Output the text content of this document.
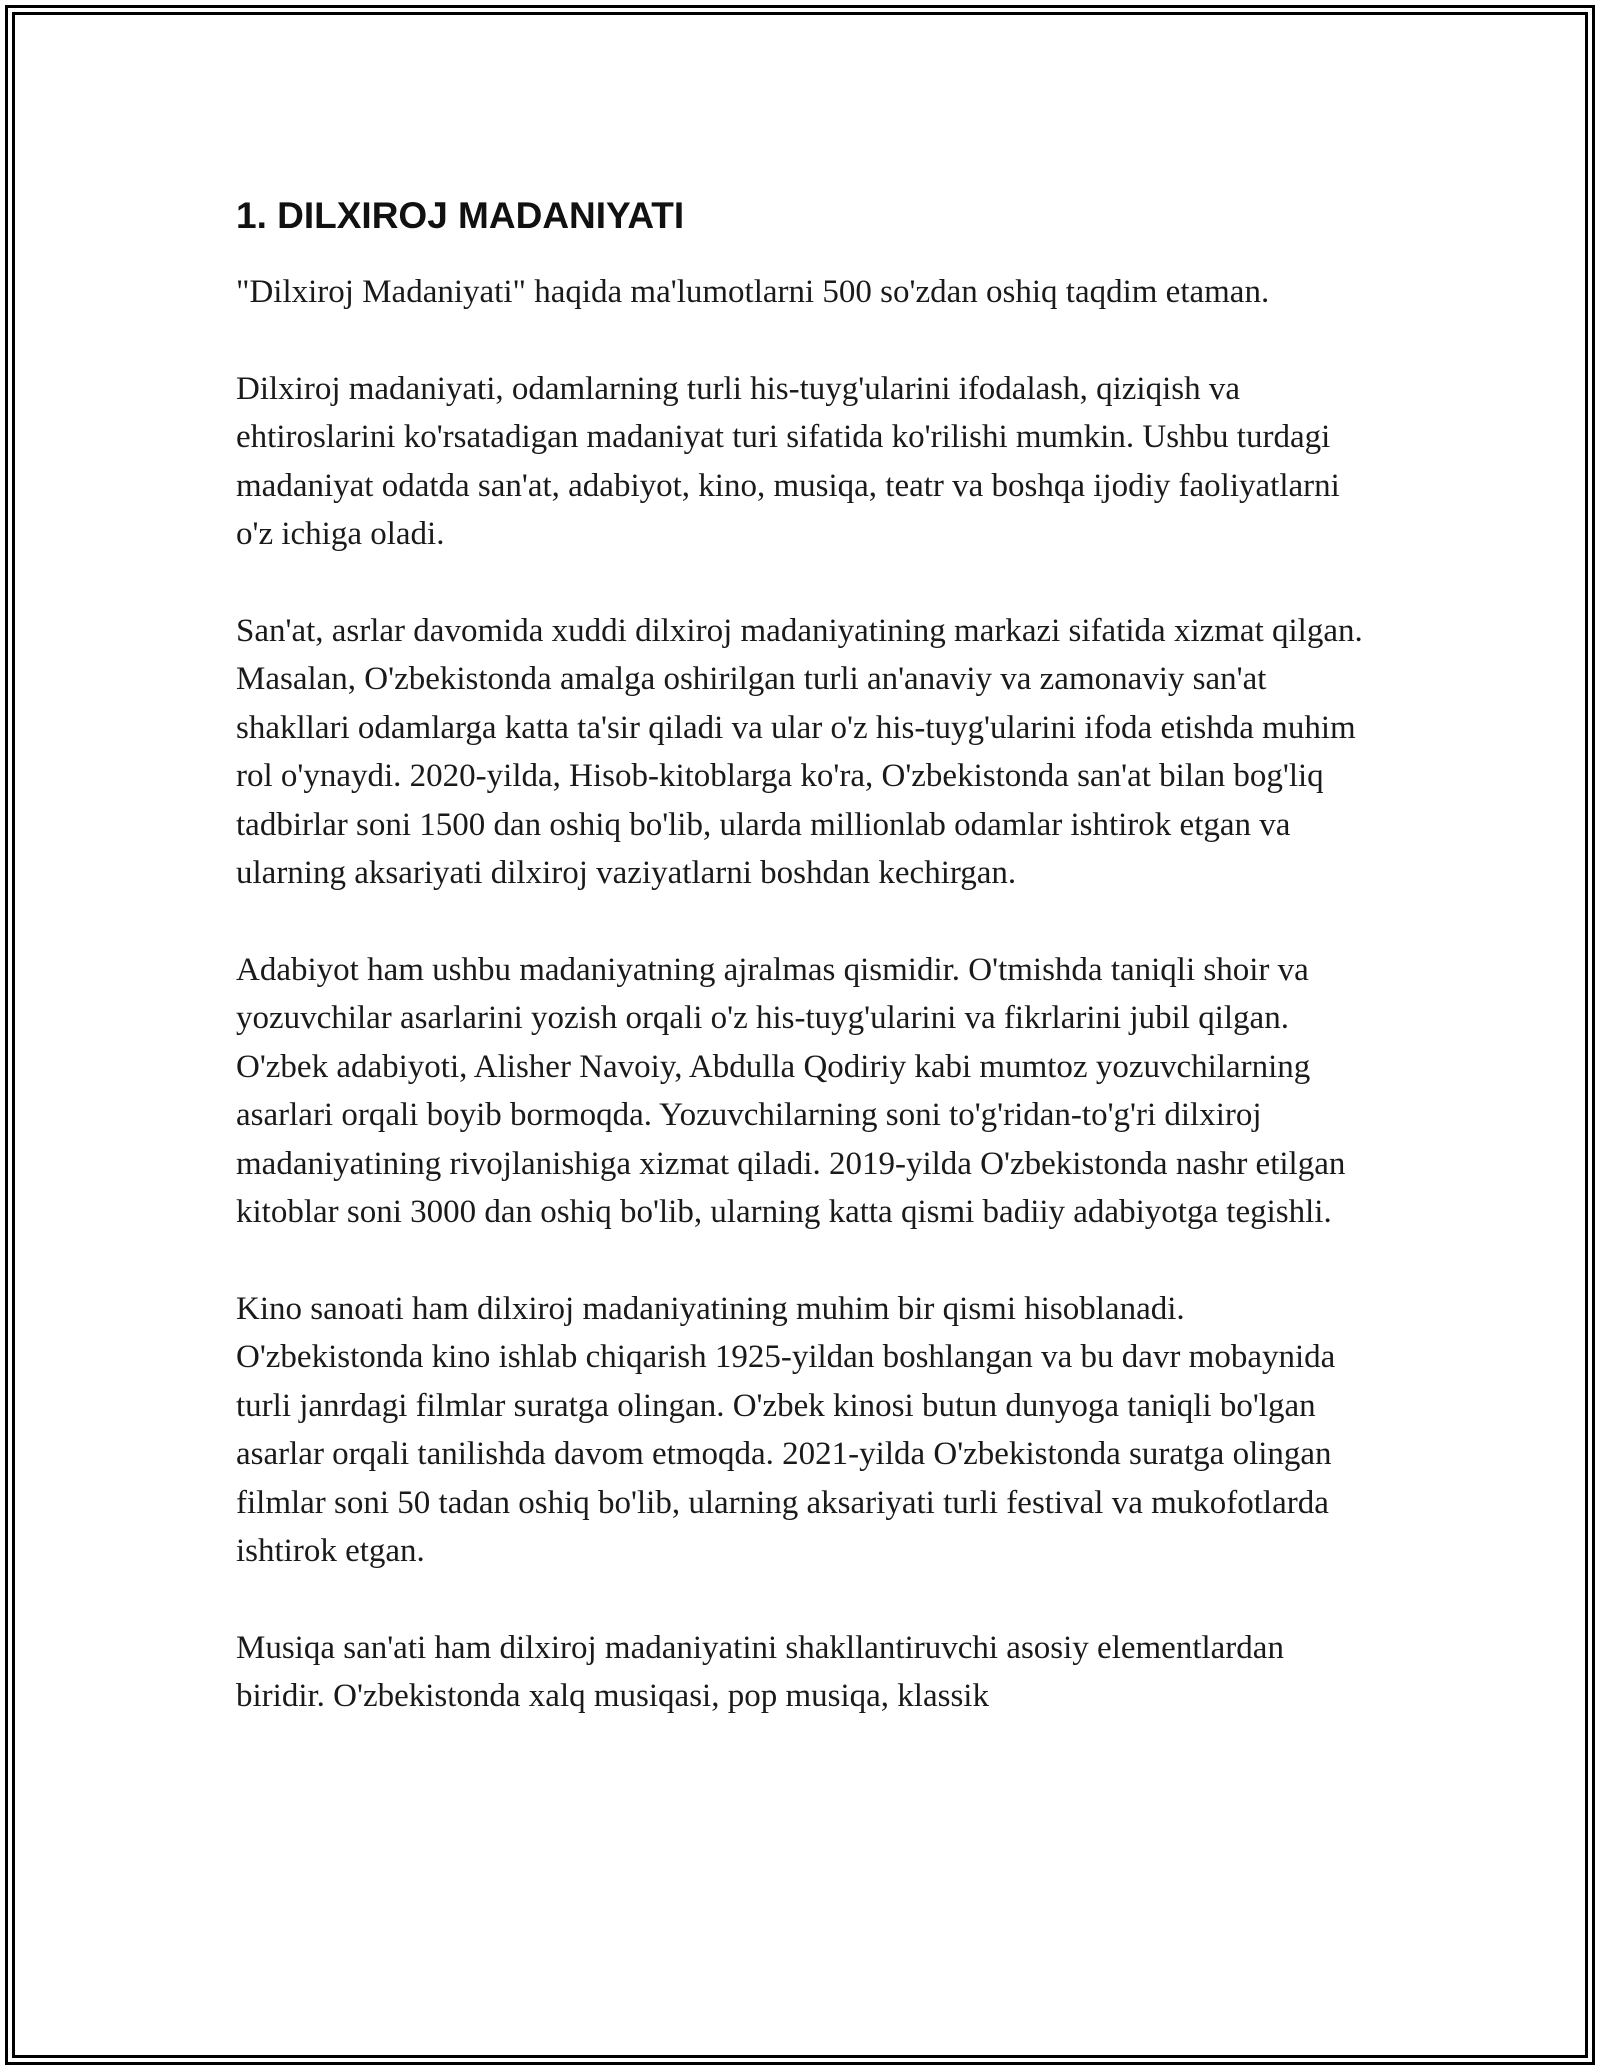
1. DILXIROJ MADANIYATI

"Dilxiroj Madaniyati" haqida ma'lumotlarni 500 so'zdan oshiq taqdim etaman.

Dilxiroj madaniyati, odamlarning turli his-tuyg'ularini ifodalash, qiziqish va ehtiroslarini ko'rsatadigan madaniyat turi sifatida ko'rilishi mumkin. Ushbu turdagi madaniyat odatda san'at, adabiyot, kino, musiqa, teatr va boshqa ijodiy faoliyatlarni o'z ichiga oladi.

San'at, asrlar davomida xuddi dilxiroj madaniyatining markazi sifatida xizmat qilgan. Masalan, O'zbekistonda amalga oshirilgan turli an'anaviy va zamonaviy san'at shakllari odamlarga katta ta'sir qiladi va ular o'z his-tuyg'ularini ifoda etishda muhim rol o'ynaydi. 2020-yilda, Hisob-kitoblarga ko'ra, O'zbekistonda san'at bilan bog'liq tadbirlar soni 1500 dan oshiq bo'lib, ularda millionlab odamlar ishtirok etgan va ularning aksariyati dilxiroj vaziyatlarni boshdan kechirgan.

Adabiyot ham ushbu madaniyatning ajralmas qismidir. O'tmishda taniqli shoir va yozuvchilar asarlarini yozish orqali o'z his-tuyg'ularini va fikrlarini jubil qilgan. O'zbek adabiyoti, Alisher Navoiy, Abdulla Qodiriy kabi mumtoz yozuvchilarning asarlari orqali boyib bormoqda. Yozuvchilarning soni to'g'ridan-to'g'ri dilxiroj madaniyatining rivojlanishiga xizmat qiladi. 2019-yilda O'zbekistonda nashr etilgan kitoblar soni 3000 dan oshiq bo'lib, ularning katta qismi badiiy adabiyotga tegishli.

Kino sanoati ham dilxiroj madaniyatining muhim bir qismi hisoblanadi. O'zbekistonda kino ishlab chiqarish 1925-yildan boshlangan va bu davr mobaynida turli janrdagi filmlar suratga olingan. O'zbek kinosi butun dunyoga taniqli bo'lgan asarlar orqali tanilishda davom etmoqda. 2021-yilda O'zbekistonda suratga olingan filmlar soni 50 tadan oshiq bo'lib, ularning aksariyati turli festival va mukofotlarda ishtirok etgan.

Musiqa san'ati ham dilxiroj madaniyatini shakllantiruvchi asosiy elementlardan biridir. O'zbekistonda xalq musiqasi, pop musiqa, klassik
